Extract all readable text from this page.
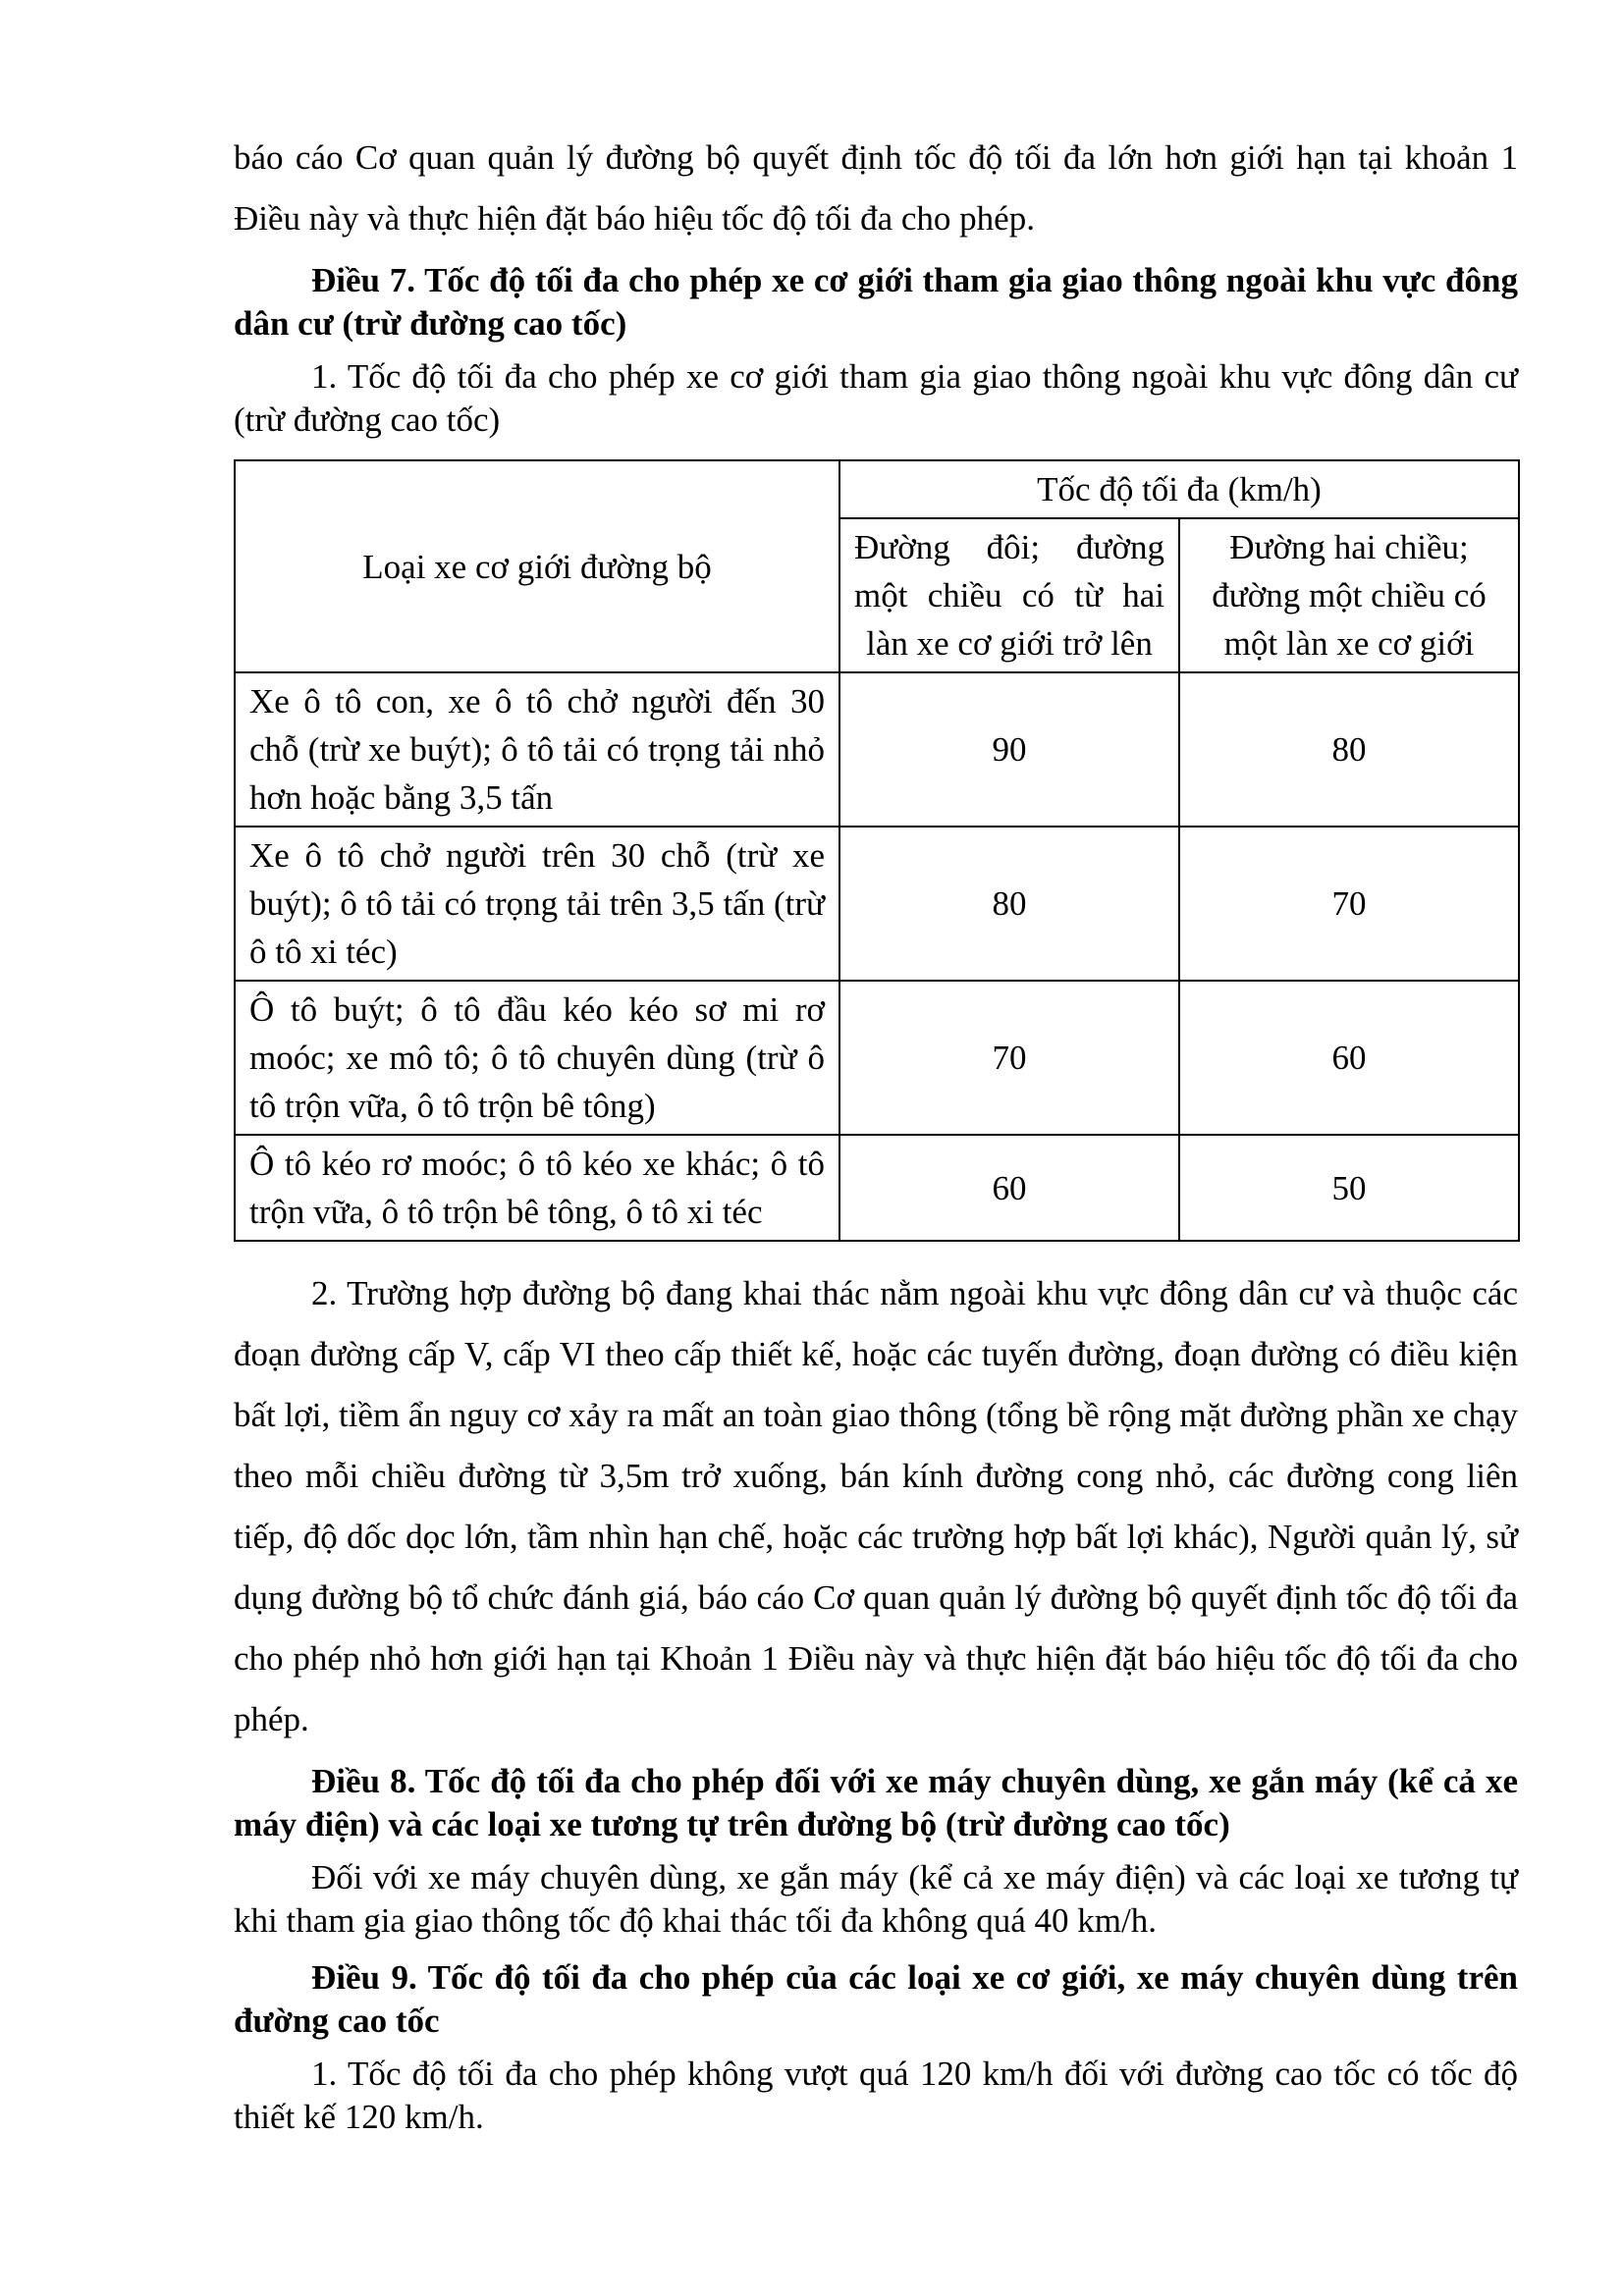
báo cáo Cơ quan quản lý đường bộ quyết định tốc độ tối đa lớn hơn giới hạn tại khoản 1 Điều này và thực hiện đặt báo hiệu tốc độ tối đa cho phép.

Điều 7. Tốc độ tối đa cho phép xe cơ giới tham gia giao thông ngoài khu vực đông dân cư (trừ đường cao tốc)

1. Tốc độ tối đa cho phép xe cơ giới tham gia giao thông ngoài khu vực đông dân cư (trừ đường cao tốc)

Loại xe cơ giới đường bộ	Tốc độ tối đa (km/h)	
	Đường đôi; đường một chiều có từ hai làn xe cơ giới trở lên	Đường hai chiều; đường một chiều có một làn xe cơ giới
Xe ô tô con, xe ô tô chở người đến 30 chỗ (trừ xe buýt); ô tô tải có trọng tải nhỏ hơn hoặc bằng 3,5 tấn	90	80
Xe ô tô chở người trên 30 chỗ (trừ xe buýt); ô tô tải có trọng tải trên 3,5 tấn (trừ ô tô xi téc)	80	70
Ô tô buýt; ô tô đầu kéo kéo sơ mi rơ moóc; xe mô tô; ô tô chuyên dùng (trừ ô tô trộn vữa, ô tô trộn bê tông)	70	60
Ô tô kéo rơ moóc; ô tô kéo xe khác; ô tô trộn vữa, ô tô trộn bê tông, ô tô xi téc	60	50

2. Trường hợp đường bộ đang khai thác nằm ngoài khu vực đông dân cư và thuộc các đoạn đường cấp V, cấp VI theo cấp thiết kế, hoặc các tuyến đường, đoạn đường có điều kiện bất lợi, tiềm ẩn nguy cơ xảy ra mất an toàn giao thông (tổng bề rộng mặt đường phần xe chạy theo mỗi chiều đường từ 3,5m trở xuống, bán kính đường cong nhỏ, các đường cong liên tiếp, độ dốc dọc lớn, tầm nhìn hạn chế, hoặc các trường hợp bất lợi khác), Người quản lý, sử dụng đường bộ tổ chức đánh giá, báo cáo Cơ quan quản lý đường bộ quyết định tốc độ tối đa cho phép nhỏ hơn giới hạn tại Khoản 1 Điều này và thực hiện đặt báo hiệu tốc độ tối đa cho phép.

Điều 8. Tốc độ tối đa cho phép đối với xe máy chuyên dùng, xe gắn máy (kể cả xe máy điện) và các loại xe tương tự trên đường bộ (trừ đường cao tốc)

Đối với xe máy chuyên dùng, xe gắn máy (kể cả xe máy điện) và các loại xe tương tự khi tham gia giao thông tốc độ khai thác tối đa không quá 40 km/h.

Điều 9. Tốc độ tối đa cho phép của các loại xe cơ giới, xe máy chuyên dùng trên đường cao tốc

1. Tốc độ tối đa cho phép không vượt quá 120 km/h đối với đường cao tốc có tốc độ thiết kế 120 km/h.
